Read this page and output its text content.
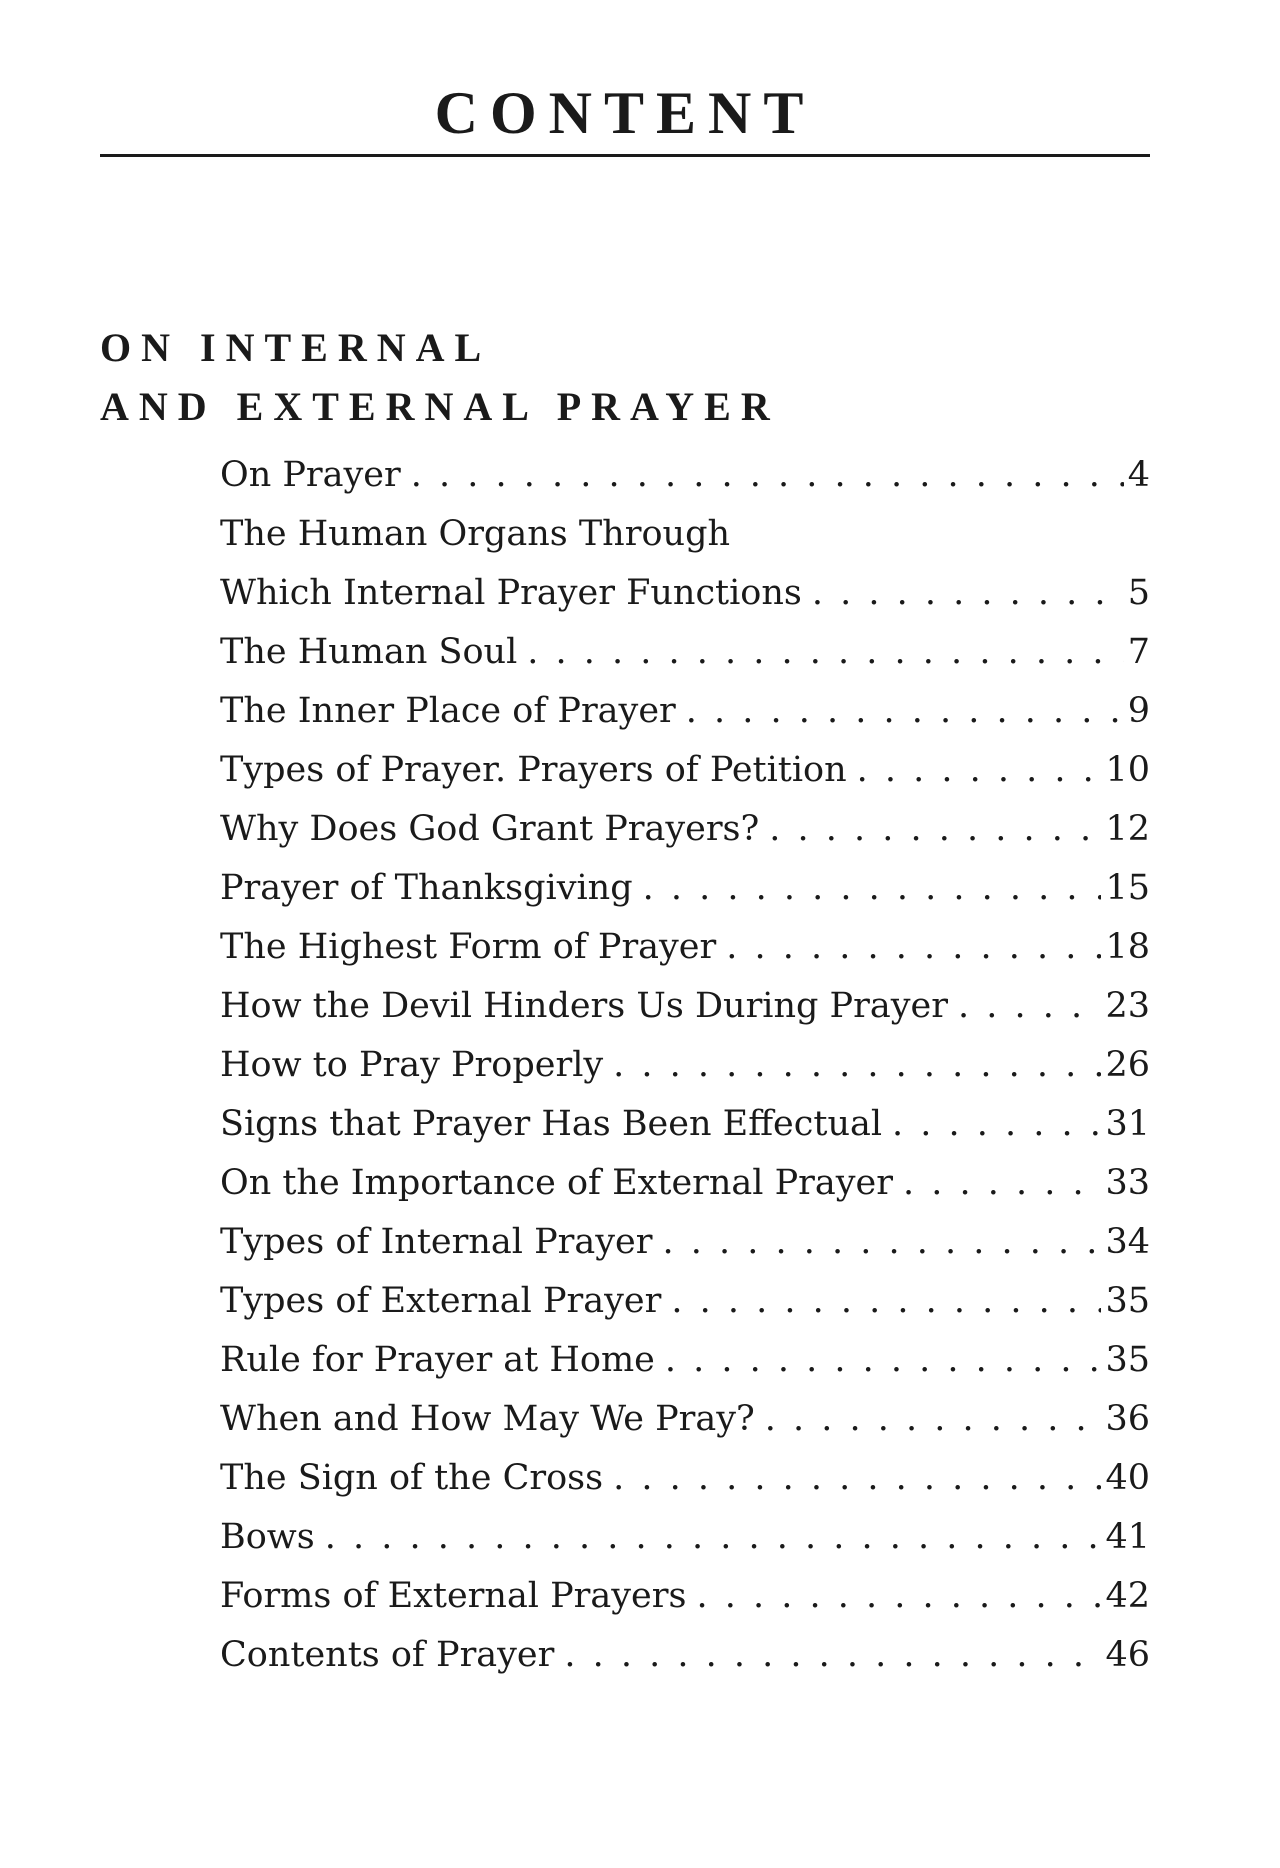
CONTENT
ON INTERNAL
AND EXTERNAL PRAYER
On Prayer . . .	4
The Human Organs Through
Which Internal Prayer Functions . . .	5
The Human Soul . . .	7
The Inner Place of Prayer . . .	9
Types of Prayer. Prayers of Petition . . .	10
Why Does God Grant Prayers? . . .	12
Prayer of Thanksgiving . . .	15
The Highest Form of Prayer . . .	18
How the Devil Hinders Us During Prayer . . .	23
How to Pray Properly . . .	26
Signs that Prayer Has Been Effectual . . .	31
On the Importance of External Prayer . . .	33
Types of Internal Prayer . . .	34
Types of External Prayer . . .	35
Rule for Prayer at Home . . .	35
When and How May We Pray? . . .	36
The Sign of the Cross . . .	40
Bows . . .	41
Forms of External Prayers . . .	42
Contents of Prayer . . .	46
